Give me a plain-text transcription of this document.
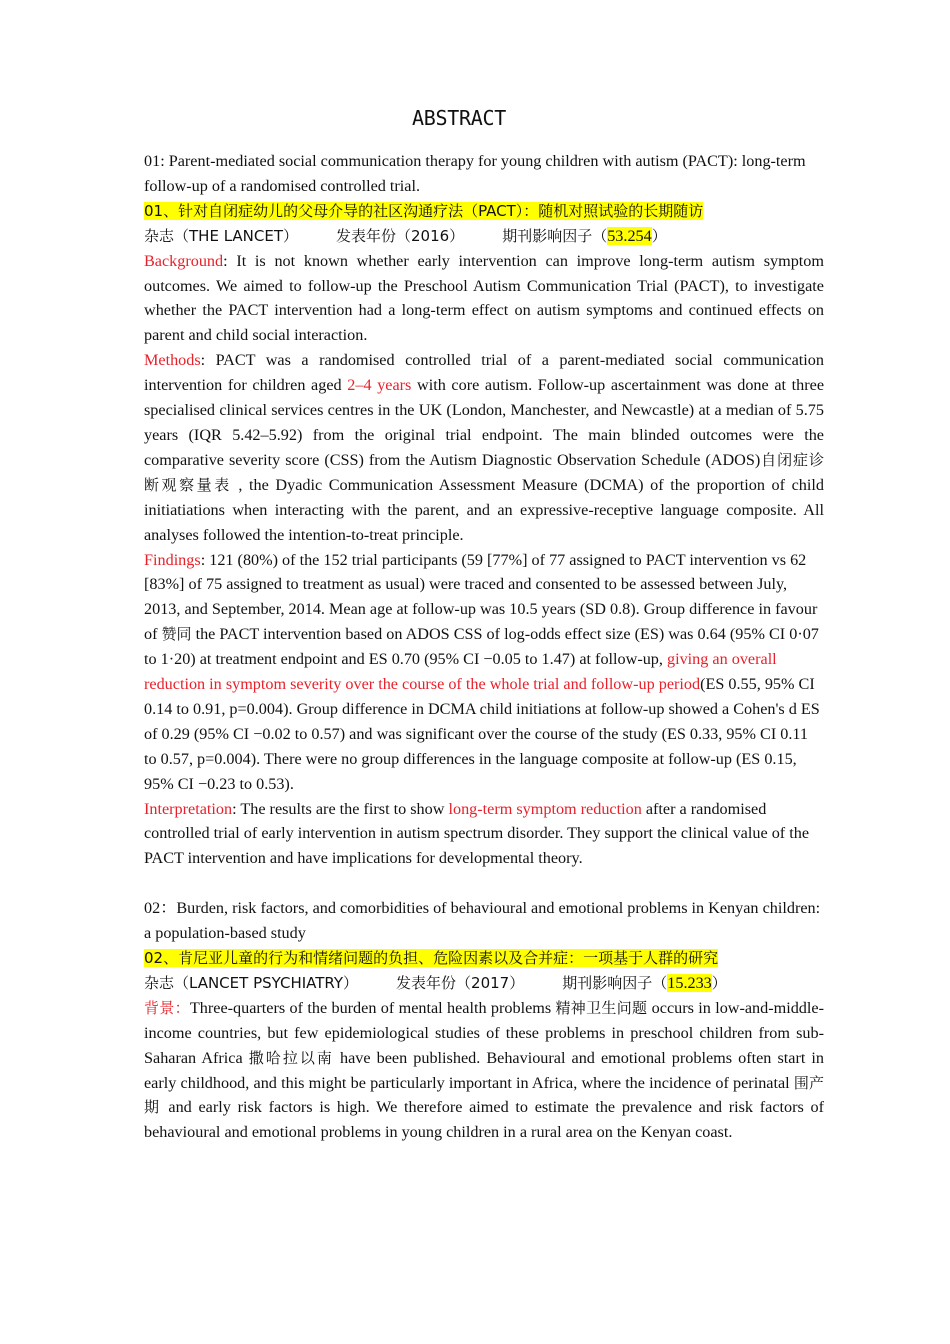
ABSTRACT

01: Parent-mediated social communication therapy for young children with autism (PACT): long-term follow-up of a randomised controlled trial.

01、针对自闭症幼儿的父母介导的社区沟通疗法（PACT）：随机对照试验的长期随访

杂志（THE LANCET）	发表年份（2016）	期刊影响因子（53.254）

Background: It is not known whether early intervention can improve long-term autism symptom outcomes. We aimed to follow-up the Preschool Autism Communication Trial (PACT), to investigate whether the PACT intervention had a long-term effect on autism symptoms and continued effects on parent and child social interaction.

Methods: PACT was a randomised controlled trial of a parent-mediated social communication intervention for children aged 2–4 years with core autism. Follow-up ascertainment was done at three specialised clinical services centres in the UK (London, Manchester, and Newcastle) at a median of 5.75 years (IQR 5.42–5.92) from the original trial endpoint. The main blinded outcomes were the comparative severity score (CSS) from the Autism Diagnostic Observation Schedule (ADOS)自闭症诊断观察量表 , the Dyadic Communication Assessment Measure (DCMA) of the proportion of child initiatiations when interacting with the parent, and an expressive-receptive language composite. All analyses followed the intention-to-treat principle.

Findings: 121 (80%) of the 152 trial participants (59 [77%] of 77 assigned to PACT intervention vs 62 [83%] of 75 assigned to treatment as usual) were traced and consented to be assessed between July, 2013, and September, 2014. Mean age at follow-up was 10.5 years (SD 0.8). Group difference in favour of 赞同 the PACT intervention based on ADOS CSS of log-odds effect size (ES) was 0.64 (95% CI 0·07 to 1·20) at treatment endpoint and ES 0.70 (95% CI −0.05 to 1.47) at follow-up, giving an overall reduction in symptom severity over the course of the whole trial and follow-up period(ES 0.55, 95% CI 0.14 to 0.91, p=0.004). Group difference in DCMA child initiations at follow-up showed a Cohen's d ES of 0.29 (95% CI −0.02 to 0.57) and was significant over the course of the study (ES 0.33, 95% CI 0.11 to 0.57, p=0.004). There were no group differences in the language composite at follow-up (ES 0.15, 95% CI −0.23 to 0.53).

Interpretation: The results are the first to show long-term symptom reduction after a randomised controlled trial of early intervention in autism spectrum disorder. They support the clinical value of the PACT intervention and have implications for developmental theory.

02：Burden, risk factors, and comorbidities of behavioural and emotional problems in Kenyan children: a population-based study

02、肯尼亚儿童的行为和情绪问题的负担、危险因素以及合并症：一项基于人群的研究

杂志（LANCET PSYCHIATRY）	发表年份（2017）	期刊影响因子（15.233）

背景：Three-quarters of the burden of mental health problems 精神卫生问题 occurs in low-and-middle-income countries, but few epidemiological studies of these problems in preschool children from sub-Saharan Africa 撒哈拉以南 have been published. Behavioural and emotional problems often start in early childhood, and this might be particularly important in Africa, where the incidence of perinatal 围产期 and early risk factors is high. We therefore aimed to estimate the prevalence and risk factors of behavioural and emotional problems in young children in a rural area on the Kenyan coast.
